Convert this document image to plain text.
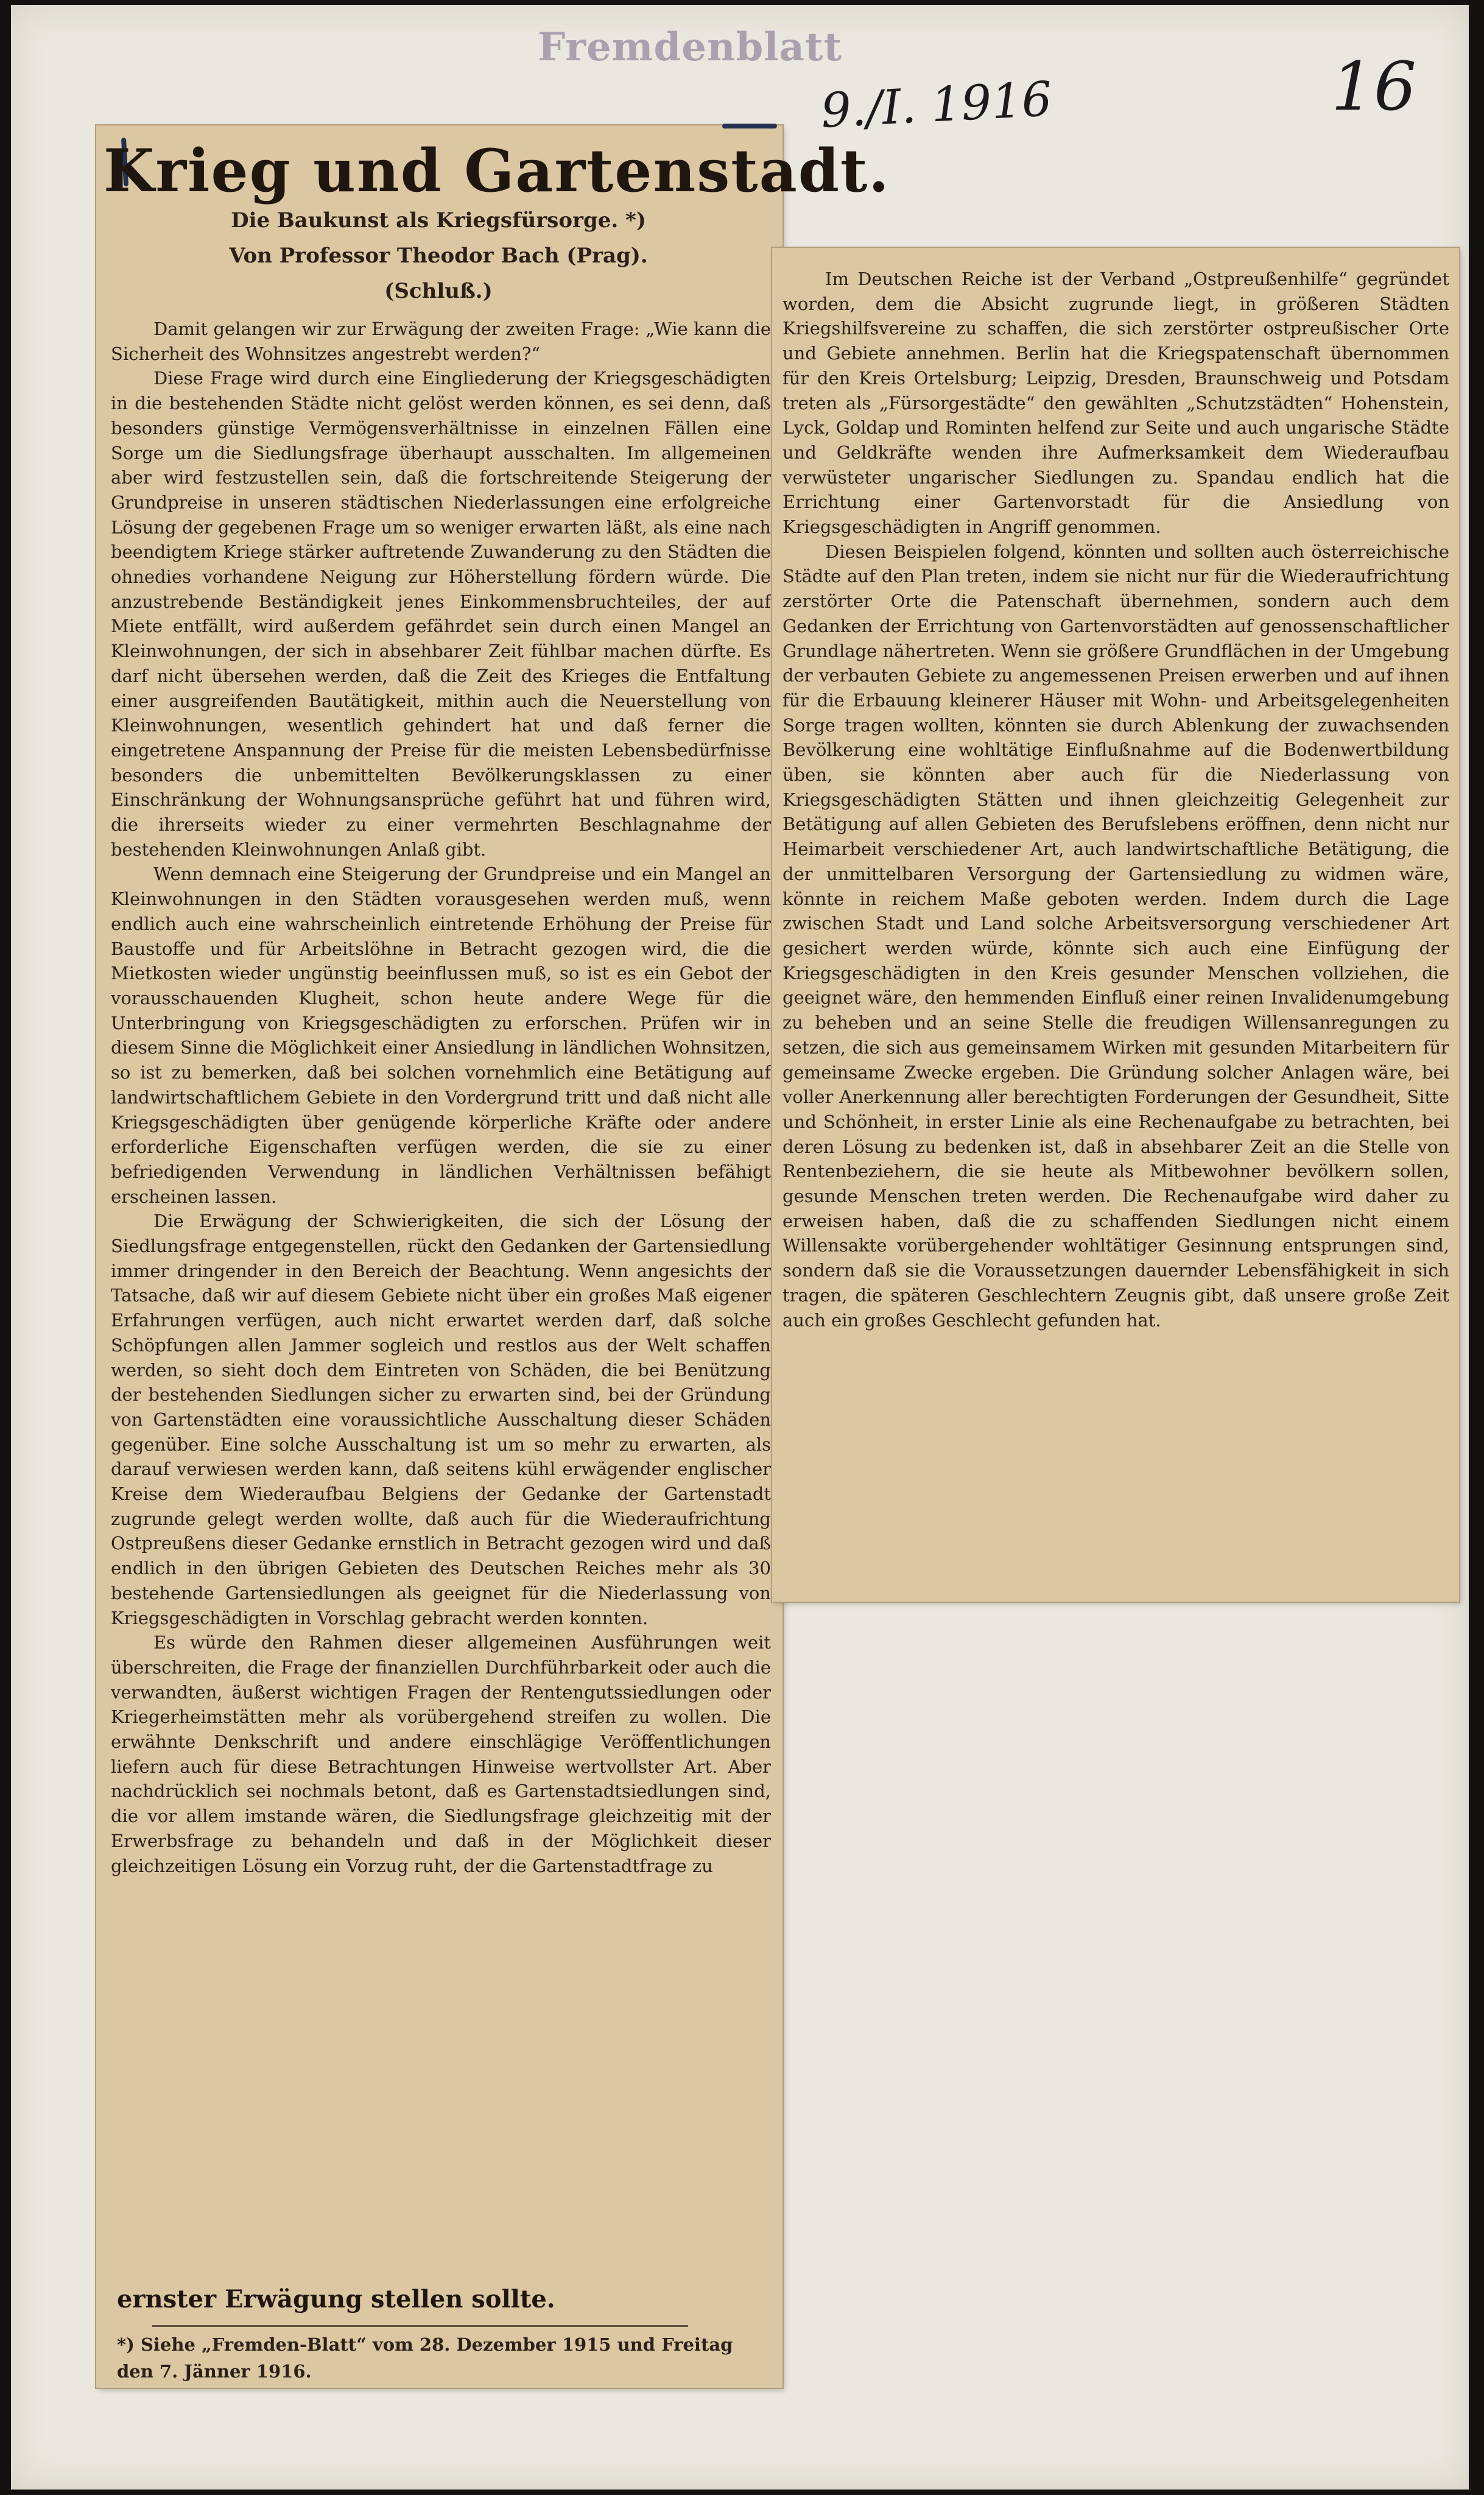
Fremdenblatt
9./I. 1916	16
Krieg und Gartenstadt.
Die Baukunst als Kriegsfürsorge. *)
Von Professor Theodor Bach (Prag).
(Schluß.)

Damit gelangen wir zur Erwägung der zweiten Frage: „Wie kann die Sicherheit des Wohnsitzes angestrebt werden?“

Diese Frage wird durch eine Eingliederung der Kriegsgeschädigten in die bestehenden Städte nicht gelöst werden können, es sei denn, daß besonders günstige Vermögensverhältnisse in einzelnen Fällen eine Sorge um die Siedlungsfrage überhaupt ausschalten. Im allgemeinen aber wird festzustellen sein, daß die fortschreitende Steigerung der Grundpreise in unseren städtischen Niederlassungen eine erfolgreiche Lösung der gegebenen Frage um so weniger erwarten läßt, als eine nach beendigtem Kriege stärker auftretende Zuwanderung zu den Städten die ohnedies vorhandene Neigung zur Höherstellung fördern würde. Die anzustrebende Beständigkeit jenes Einkommensbruchteiles, der auf Miete entfällt, wird außerdem gefährdet sein durch einen Mangel an Kleinwohnungen, der sich in absehbarer Zeit fühlbar machen dürfte. Es darf nicht übersehen werden, daß die Zeit des Krieges die Entfaltung einer ausgreifenden Bautätigkeit, mithin auch die Neuerstellung von Kleinwohnungen, wesentlich gehindert hat und daß ferner die eingetretene Anspannung der Preise für die meisten Lebensbedürfnisse besonders die unbemittelten Bevölkerungsklassen zu einer Einschränkung der Wohnungsansprüche geführt hat und führen wird, die ihrerseits wieder zu einer vermehrten Beschlagnahme der bestehenden Kleinwohnungen Anlaß gibt.

Wenn demnach eine Steigerung der Grundpreise und ein Mangel an Kleinwohnungen in den Städten vorausgesehen werden muß, wenn endlich auch eine wahrscheinlich eintretende Erhöhung der Preise für Baustoffe und für Arbeitslöhne in Betracht gezogen wird, die die Mietkosten wieder ungünstig beeinflussen muß, so ist es ein Gebot der vorausschauenden Klugheit, schon heute andere Wege für die Unterbringung von Kriegsgeschädigten zu erforschen. Prüfen wir in diesem Sinne die Möglichkeit einer Ansiedlung in ländlichen Wohnsitzen, so ist zu bemerken, daß bei solchen vornehmlich eine Betätigung auf landwirtschaftlichem Gebiete in den Vordergrund tritt und daß nicht alle Kriegsgeschädigten über genügende körperliche Kräfte oder andere erforderliche Eigenschaften verfügen werden, die sie zu einer befriedigenden Verwendung in ländlichen Verhältnissen befähigt erscheinen lassen.

Die Erwägung der Schwierigkeiten, die sich der Lösung der Siedlungsfrage entgegenstellen, rückt den Gedanken der Gartensiedlung immer dringender in den Bereich der Beachtung. Wenn angesichts der Tatsache, daß wir auf diesem Gebiete nicht über ein großes Maß eigener Erfahrungen verfügen, auch nicht erwartet werden darf, daß solche Schöpfungen allen Jammer sogleich und restlos aus der Welt schaffen werden, so sieht doch dem Eintreten von Schäden, die bei Benützung der bestehenden Siedlungen sicher zu erwarten sind, bei der Gründung von Gartenstädten eine voraussichtliche Ausschaltung dieser Schäden gegenüber. Eine solche Ausschaltung ist um so mehr zu erwarten, als darauf verwiesen werden kann, daß seitens kühl erwägender englischer Kreise dem Wiederaufbau Belgiens der Gedanke der Gartenstadt zugrunde gelegt werden wollte, daß auch für die Wiederaufrichtung Ostpreußens dieser Gedanke ernstlich in Betracht gezogen wird und daß endlich in den übrigen Gebieten des Deutschen Reiches mehr als 30 bestehende Gartensiedlungen als geeignet für die Niederlassung von Kriegsgeschädigten in Vorschlag gebracht werden konnten.

Es würde den Rahmen dieser allgemeinen Ausführungen weit überschreiten, die Frage der finanziellen Durchführbarkeit oder auch die verwandten, äußerst wichtigen Fragen der Rentengutssiedlungen oder Kriegerheimstätten mehr als vorübergehend streifen zu wollen. Die erwähnte Denkschrift und andere einschlägige Veröffentlichungen liefern auch für diese Betrachtungen Hinweise wertvollster Art. Aber nachdrücklich sei nochmals betont, daß es Gartenstadtsiedlungen sind, die vor allem imstande wären, die Siedlungsfrage gleichzeitig mit der Erwerbsfrage zu behandeln und daß in der Möglichkeit dieser gleichzeitigen Lösung ein Vorzug ruht, der die Gartenstadtfrage zu

ernster Erwägung stellen sollte.
*) Siehe „Fremden-Blatt“ vom 28. Dezember 1915 und Freitag den 7. Jänner 1916.

Im Deutschen Reiche ist der Verband „Ostpreußenhilfe“ gegründet worden, dem die Absicht zugrunde liegt, in größeren Städten Kriegshilfsvereine zu schaffen, die sich zerstörter ostpreußischer Orte und Gebiete annehmen. Berlin hat die Kriegspatenschaft übernommen für den Kreis Ortelsburg; Leipzig, Dresden, Braunschweig und Potsdam treten als „Fürsorgestädte“ den gewählten „Schutzstädten“ Hohenstein, Lyck, Goldap und Rominten helfend zur Seite und auch ungarische Städte und Geldkräfte wenden ihre Aufmerksamkeit dem Wiederaufbau verwüsteter ungarischer Siedlungen zu. Spandau endlich hat die Errichtung einer Gartenvorstadt für die Ansiedlung von Kriegsgeschädigten in Angriff genommen.

Diesen Beispielen folgend, könnten und sollten auch österreichische Städte auf den Plan treten, indem sie nicht nur für die Wiederaufrichtung zerstörter Orte die Patenschaft übernehmen, sondern auch dem Gedanken der Errichtung von Gartenvorstädten auf genossenschaftlicher Grundlage nähertreten. Wenn sie größere Grundflächen in der Umgebung der verbauten Gebiete zu angemessenen Preisen erwerben und auf ihnen für die Erbauung kleinerer Häuser mit Wohn- und Arbeitsgelegenheiten Sorge tragen wollten, könnten sie durch Ablenkung der zuwachsenden Bevölkerung eine wohltätige Einflußnahme auf die Bodenwertbildung üben, sie könnten aber auch für die Niederlassung von Kriegsgeschädigten Stätten und ihnen gleichzeitig Gelegenheit zur Betätigung auf allen Gebieten des Berufslebens eröffnen, denn nicht nur Heimarbeit verschiedener Art, auch landwirtschaftliche Betätigung, die der unmittelbaren Versorgung der Gartensiedlung zu widmen wäre, könnte in reichem Maße geboten werden. Indem durch die Lage zwischen Stadt und Land solche Arbeitsversorgung verschiedener Art gesichert werden würde, könnte sich auch eine Einfügung der Kriegsgeschädigten in den Kreis gesunder Menschen vollziehen, die geeignet wäre, den hemmenden Einfluß einer reinen Invalidenumgebung zu beheben und an seine Stelle die freudigen Willensanregungen zu setzen, die sich aus gemeinsamem Wirken mit gesunden Mitarbeitern für gemeinsame Zwecke ergeben. Die Gründung solcher Anlagen wäre, bei voller Anerkennung aller berechtigten Forderungen der Gesundheit, Sitte und Schönheit, in erster Linie als eine Rechenaufgabe zu betrachten, bei deren Lösung zu bedenken ist, daß in absehbarer Zeit an die Stelle von Rentenbeziehern, die sie heute als Mitbewohner bevölkern sollen, gesunde Menschen treten werden. Die Rechenaufgabe wird daher zu erweisen haben, daß die zu schaffenden Siedlungen nicht einem Willensakte vorübergehender wohltätiger Gesinnung entsprungen sind, sondern daß sie die Voraussetzungen dauernder Lebensfähigkeit in sich tragen, die späteren Geschlechtern Zeugnis gibt, daß unsere große Zeit auch ein großes Geschlecht gefunden hat.
